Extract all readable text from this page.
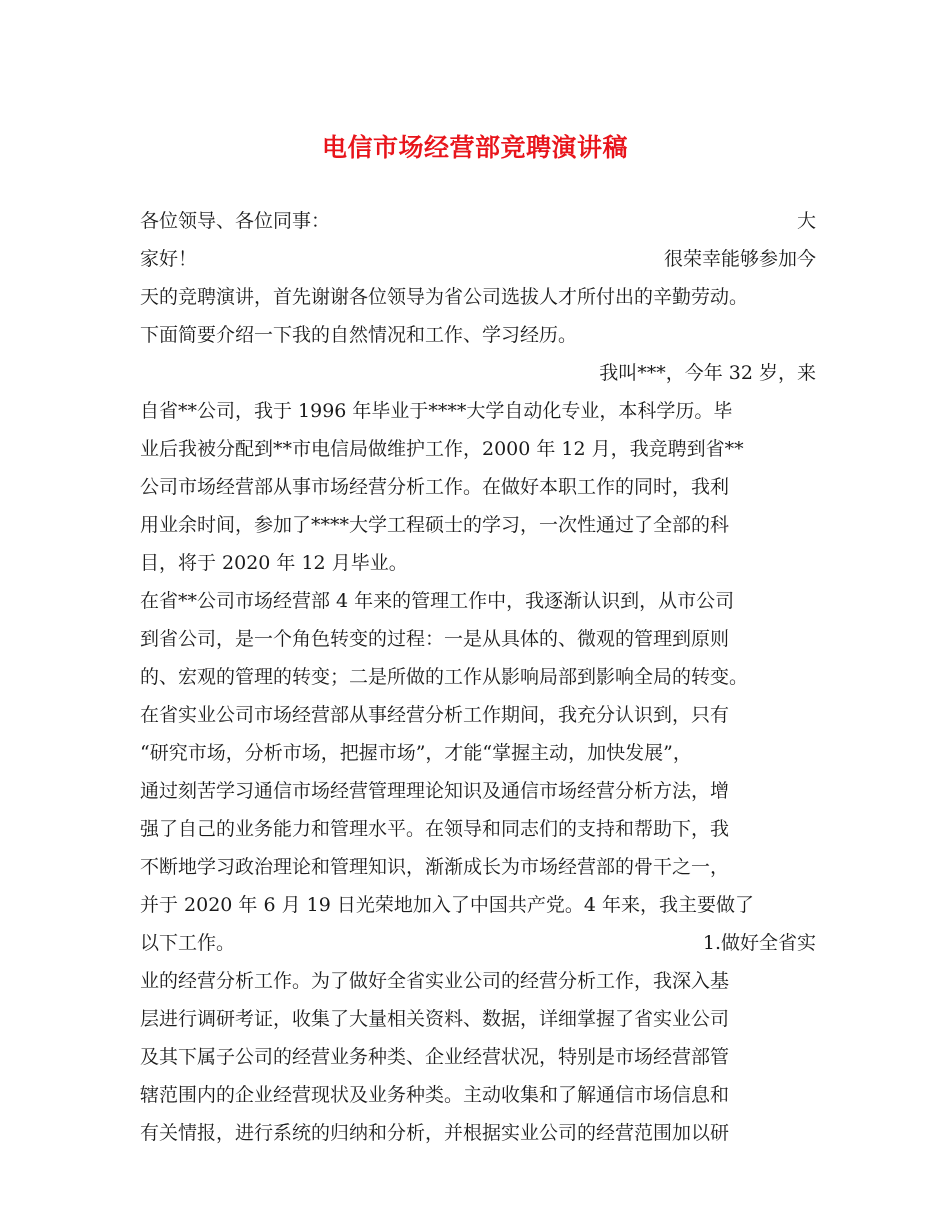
电信市场经营部竞聘演讲稿
各位领导、各位同事：	大
家好！	很荣幸能够参加今
天的竞聘演讲，首先谢谢各位领导为省公司选拔人才所付出的辛勤劳动。
下面简要介绍一下我的自然情况和工作、学习经历。
我叫***，今年 32 岁，来
自省**公司，我于 1996 年毕业于****大学自动化专业，本科学历。毕
业后我被分配到**市电信局做维护工作，2000 年 12 月，我竞聘到省**
公司市场经营部从事市场经营分析工作。在做好本职工作的同时，我利
用业余时间，参加了****大学工程硕士的学习，一次性通过了全部的科
目，将于 2020 年 12 月毕业。
在省**公司市场经营部 4 年来的管理工作中，我逐渐认识到，从市公司
到省公司，是一个角色转变的过程：一是从具体的、微观的管理到原则
的、宏观的管理的转变；二是所做的工作从影响局部到影响全局的转变。
在省实业公司市场经营部从事经营分析工作期间，我充分认识到，只有
“研究市场，分析市场，把握市场”，才能“掌握主动，加快发展”，
通过刻苦学习通信市场经营管理理论知识及通信市场经营分析方法，增
强了自己的业务能力和管理水平。在领导和同志们的支持和帮助下，我
不断地学习政治理论和管理知识，渐渐成长为市场经营部的骨干之一，
并于 2020 年 6 月 19 日光荣地加入了中国共产党。4 年来，我主要做了
以下工作。	1.做好全省实
业的经营分析工作。为了做好全省实业公司的经营分析工作，我深入基
层进行调研考证，收集了大量相关资料、数据，详细掌握了省实业公司
及其下属子公司的经营业务种类、企业经营状况，特别是市场经营部管
辖范围内的企业经营现状及业务种类。主动收集和了解通信市场信息和
有关情报，进行系统的归纳和分析，并根据实业公司的经营范围加以研
